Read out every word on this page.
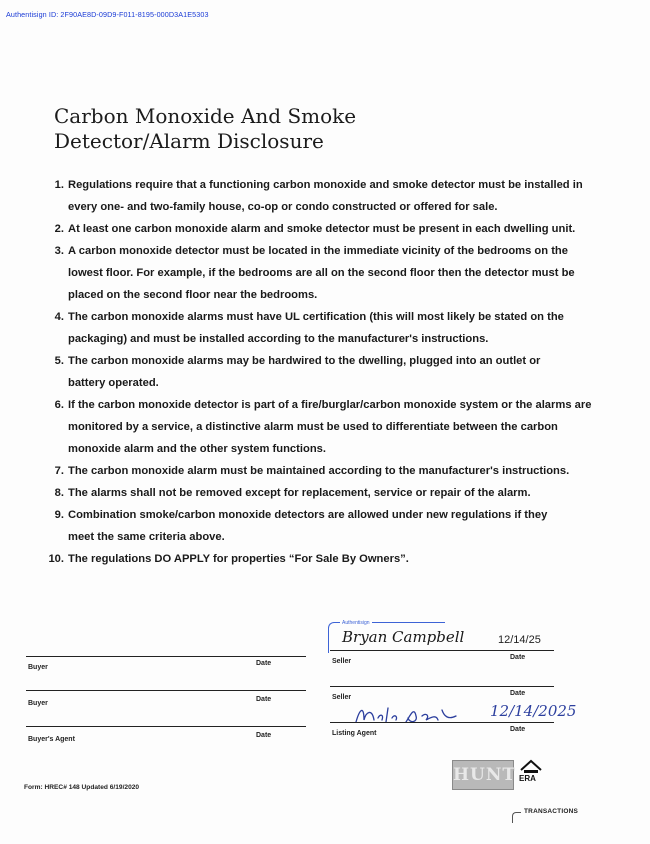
Authentisign ID: 2F90AE8D-09D9-F011-8195-000D3A1E5303
Carbon Monoxide And Smoke
Detector/Alarm Disclosure
1. Regulations require that a functioning carbon monoxide and smoke detector must be installed in
every one- and two-family house, co-op or condo constructed or offered for sale.
2. At least one carbon monoxide alarm and smoke detector must be present in each dwelling unit.
3. A carbon monoxide detector must be located in the immediate vicinity of the bedrooms on the
lowest floor. For example, if the bedrooms are all on the second floor then the detector must be
placed on the second floor near the bedrooms.
4. The carbon monoxide alarms must have UL certification (this will most likely be stated on the
packaging) and must be installed according to the manufacturer's instructions.
5. The carbon monoxide alarms may be hardwired to the dwelling, plugged into an outlet or
battery operated.
6. If the carbon monoxide detector is part of a fire/burglar/carbon monoxide system or the alarms are
monitored by a service, a distinctive alarm must be used to differentiate between the carbon
monoxide alarm and the other system functions.
7. The carbon monoxide alarm must be maintained according to the manufacturer's instructions.
8. The alarms shall not be removed except for replacement, service or repair of the alarm.
9. Combination smoke/carbon monoxide detectors are allowed under new regulations if they
meet the same criteria above.
10. The regulations DO APPLY for properties “For Sale By Owners”.
Buyer
Date
Buyer
Date
Buyer's Agent
Date
Authentisign
Bryan Campbell	12/14/25
Seller
Date
Seller
Date
12/14/2025
Listing Agent
Date
Form: HREC# 148 Updated 6/19/2020
HUNT ERA
TRANSACTIONS
